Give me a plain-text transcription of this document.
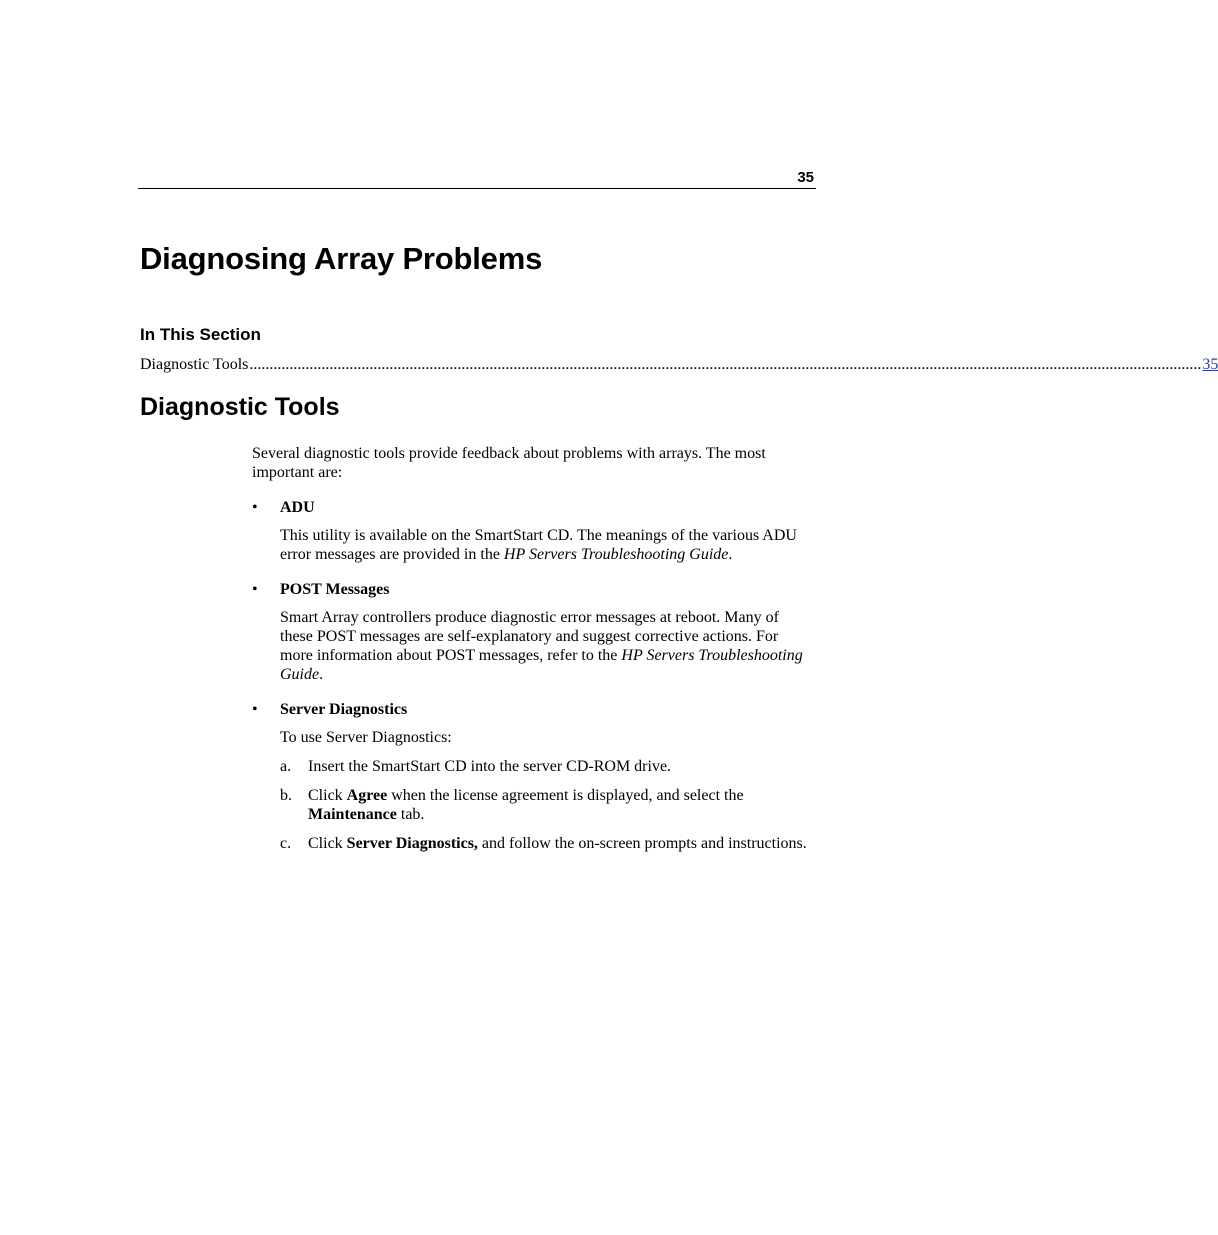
35
Diagnosing Array Problems
In This Section
Diagnostic Tools .............................................................................................................................................................................................................................................. 35
Diagnostic Tools

Several diagnostic tools provide feedback about problems with arrays. The most important are:

•	ADU

This utility is available on the SmartStart CD. The meanings of the various ADU error messages are provided in the HP Servers Troubleshooting Guide.

•	POST Messages

Smart Array controllers produce diagnostic error messages at reboot. Many of these POST messages are self-explanatory and suggest corrective actions. For more information about POST messages, refer to the HP Servers Troubleshooting Guide.

•	Server Diagnostics

To use Server Diagnostics:

a. Insert the SmartStart CD into the server CD-ROM drive.

b. Click Agree when the license agreement is displayed, and select the Maintenance tab.

c. Click Server Diagnostics, and follow the on-screen prompts and instructions.
